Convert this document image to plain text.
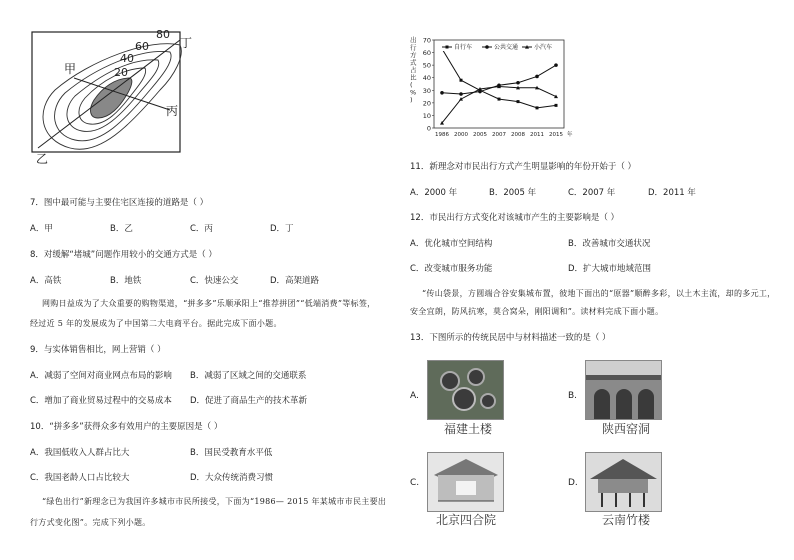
80
60
40
20
甲
乙
丙
丁
7．图中最可能与主要住宅区连接的道路是（ ）
A．甲	B．乙	C．丙	D．丁
8．对缓解“堵城”问题作用较小的交通方式是（ ）
A．高铁	B．地铁	C．快速公交	D．高架道路
网购日益成为了大众重要的购物渠道，“拼多多”乐顺承阳上“推荐拼团”“低端消费”等标签，
经过近 5 年的发展成为了中国第二大电商平台。据此完成下面小题。
9．与实体销售相比，网上营销（ ）
A．减弱了空间对商业网点布局的影响 B．减弱了区域之间的交通联系
C．增加了商业贸易过程中的交易成本 D．促进了商品生产的技术革新
10．“拼多多”获得众多有效用户的主要原因是（ ）
A．我国低收入人群占比大	B．国民受教育水平低
C．我国老龄人口占比较大	D．大众传统消费习惯
“绿色出行”新理念已为我国许多城市市民所接受，下面为“1986— 2015 年某城市市民主要出
行方式变化图”。完成下列小题。
0
10
20
30
40
50
60
70
1986 2000 2005 2007 2008 2011 2015 年
出行方式占比( % )
自行车	公共交通	小汽车
11．新理念对市民出行方式产生明显影响的年份开始于（ ）
A．2000 年	B．2005 年	C．2007 年	D．2011 年
12．市民出行方式变化对该城市产生的主要影响是（ ）
A．优化城市空间结构	B．改善城市交通状况
C．改变城市服务功能	D．扩大城市地域范围
“传山袋景，方圆端合谷安集城布置，彼地下面出的“原器”顺醉多彩，以土木主流，却的多元工，
安全宜朗，防风抗寒，莫合窝朵，刚阳调和”。读材料完成下面小题。
13．下图所示的传统民居中与材料描述一致的是（ ）
A.
福建土楼
B.
陕西窑洞
C.
北京四合院
D.
云南竹楼
